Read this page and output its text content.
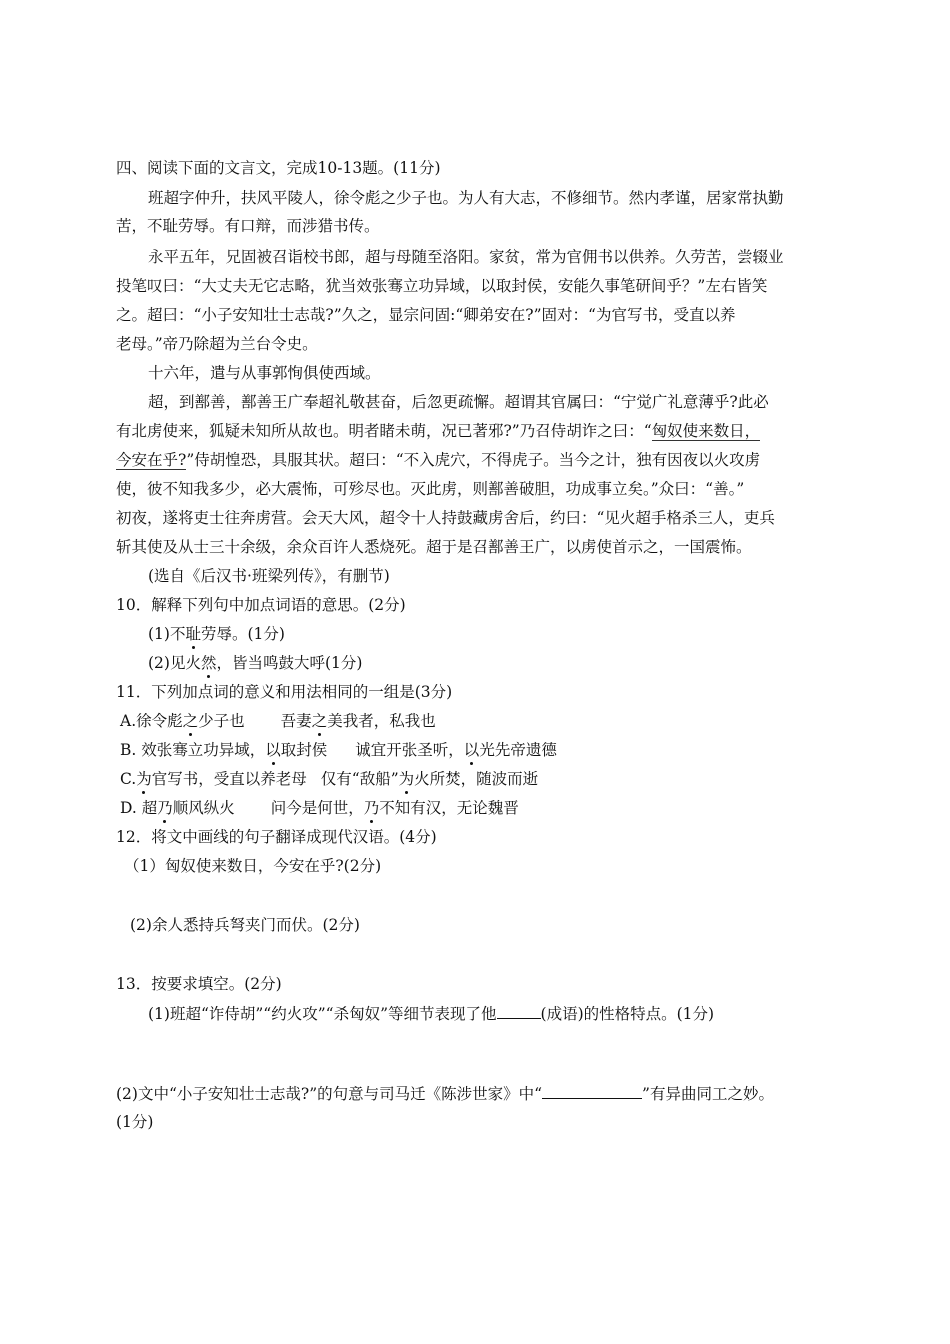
四、阅读下面的文言文，完成10-13题。(11分)
班超字仲升，扶风平陵人，徐令彪之少子也。为人有大志，不修细节。然内孝谨，居家常执勤
苦，不耻劳辱。有口辩，而涉猎书传。
永平五年，兄固被召诣校书郎，超与母随至洛阳。家贫，常为官佣书以供养。久劳苦，尝辍业
投笔叹曰：“大丈夫无它志略，犹当效张骞立功异域，以取封侯，安能久事笔研间乎？”左右皆笑
之。超曰：“小子安知壮士志哉?”久之，显宗问固:“卿弟安在?”固对：“为官写书，受直以养
老母。”帝乃除超为兰台令史。
十六年，遣与从事郭恂俱使西域。
超，到鄯善，鄯善王广奉超礼敬甚奋，后忽更疏懈。超谓其官属曰：“宁觉广礼意薄乎?此必
有北虏使来，狐疑未知所从故也。明者睹未萌，况已著邪?”乃召侍胡诈之曰：“匈奴使来数日，
今安在乎?”侍胡惶恐，具服其状。超曰：“不入虎穴，不得虎子。当今之计，独有因夜以火攻虏
使，彼不知我多少，必大震怖，可殄尽也。灭此虏，则鄯善破胆，功成事立矣。”众曰：“善。”
初夜，遂将吏士往奔虏营。会天大风，超令十人持鼓藏虏舍后，约曰：“见火超手格杀三人，吏兵
斩其使及从士三十余级，余众百许人悉烧死。超于是召鄯善王广，以虏使首示之，一国震怖。
(选自《后汉书·班梁列传》，有删节)
10．解释下列句中加点词语的意思。(2分)
(1)不耻劳辱。(1分)
(2)见火然，皆当鸣鼓大呼(1分)
11．下列加点词的意义和用法相同的一组是(3分)
A.徐令彪之少子也 吾妻之美我者，私我也
B. 效张骞立功异域，以取封侯 诚宜开张圣听，以光先帝遗德
C.为官写书，受直以养老母 仅有“敌船”为火所焚，随波而逝
D. 超乃顺风纵火 问今是何世，乃不知有汉，无论魏晋
12．将文中画线的句子翻译成现代汉语。(4分)
（1）匈奴使来数日，今安在乎?(2分)
(2)余人悉持兵弩夹门而伏。(2分)
13．按要求填空。(2分)
(1)班超“诈侍胡”“约火攻”“杀匈奴”等细节表现了他	(成语)的性格特点。(1分)
(2)文中“小子安知壮士志哉?”的句意与司马迁《陈涉世家》中“	”有异曲同工之妙。
(1分)
